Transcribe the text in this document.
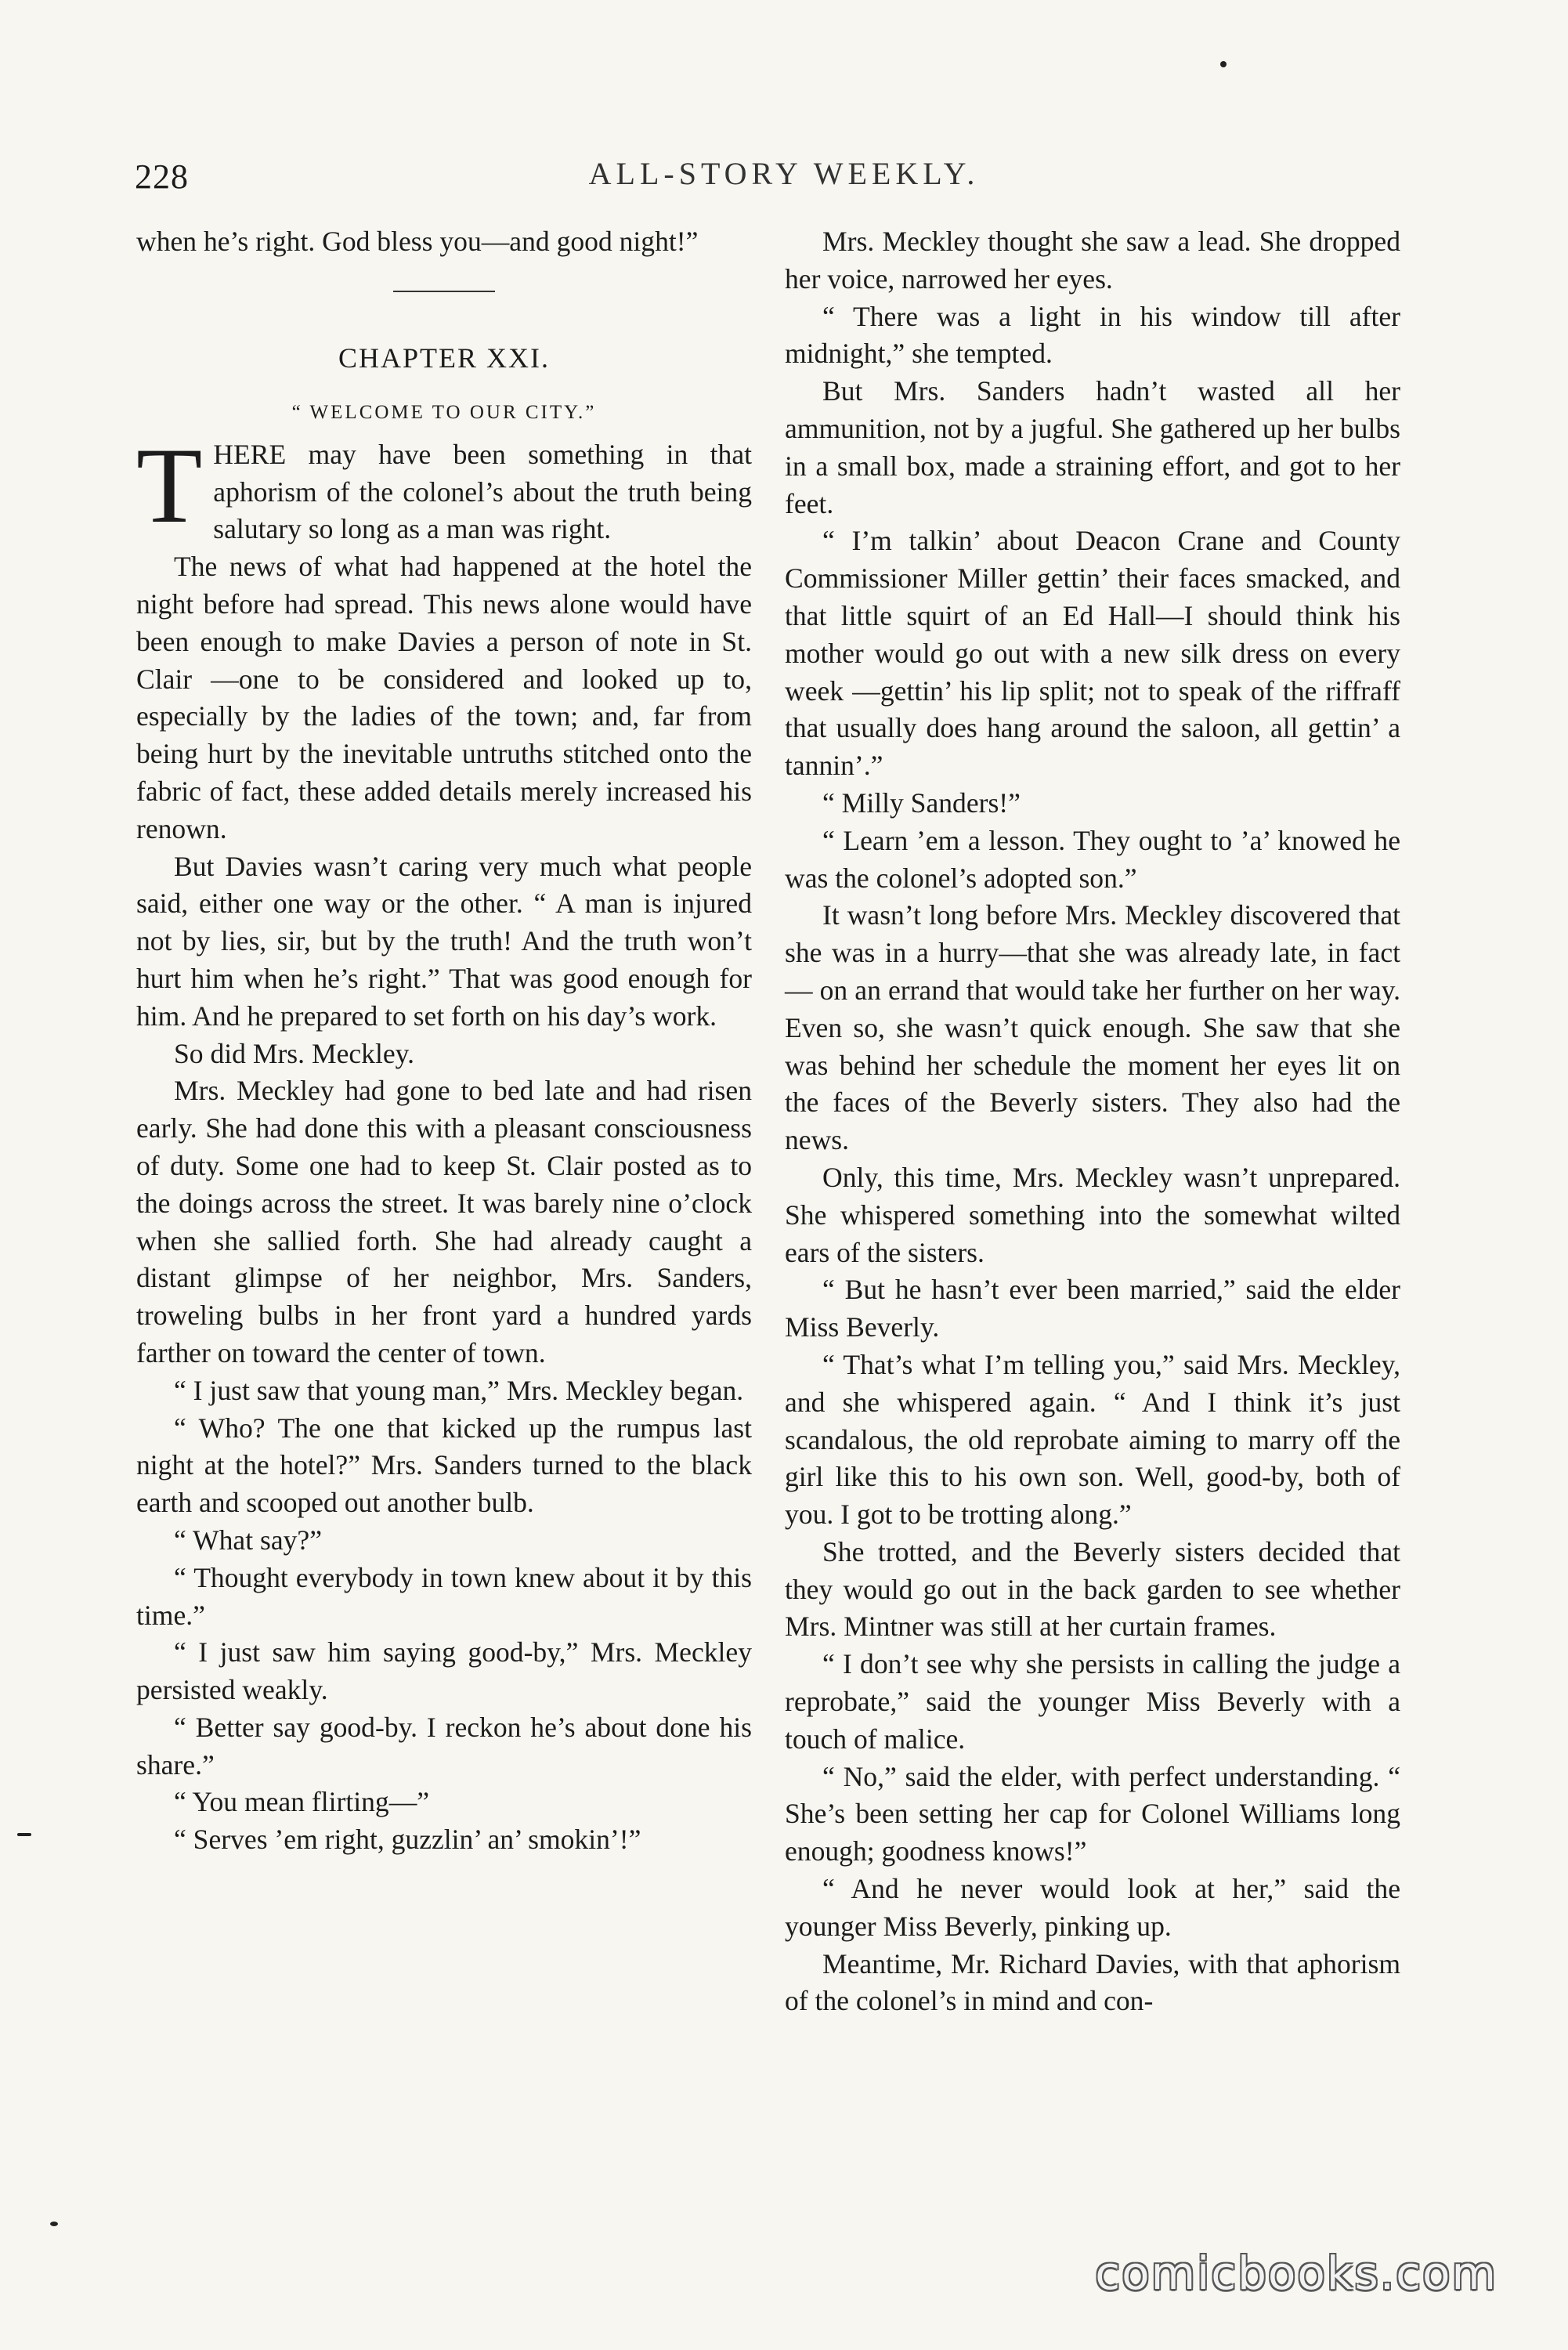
228	ALL-STORY WEEKLY.

when he’s right. God bless you—and good night!”

CHAPTER XXI.
“ WELCOME TO OUR CITY.”

THERE may have been something in that aphorism of the colonel’s about the truth being salutary so long as a man was right.

The news of what had happened at the hotel the night before had spread. This news alone would have been enough to make Davies a person of note in St. Clair —one to be considered and looked up to, especially by the ladies of the town; and, far from being hurt by the inevitable untruths stitched onto the fabric of fact, these added details merely increased his renown.

But Davies wasn’t caring very much what people said, either one way or the other. “ A man is injured not by lies, sir, but by the truth! And the truth won’t hurt him when he’s right.” That was good enough for him. And he prepared to set forth on his day’s work.

So did Mrs. Meckley.

Mrs. Meckley had gone to bed late and had risen early. She had done this with a pleasant consciousness of duty. Some one had to keep St. Clair posted as to the doings across the street. It was barely nine o’clock when she sallied forth. She had already caught a distant glimpse of her neighbor, Mrs. Sanders, troweling bulbs in her front yard a hundred yards farther on toward the center of town.

“ I just saw that young man,” Mrs. Meckley began.

“ Who? The one that kicked up the rumpus last night at the hotel?” Mrs. Sanders turned to the black earth and scooped out another bulb.

“ What say?”

“ Thought everybody in town knew about it by this time.”

“ I just saw him saying good-by,” Mrs. Meckley persisted weakly.

“ Better say good-by. I reckon he’s about done his share.”

“ You mean flirting—”

“ Serves ’em right, guzzlin’ an’ smokin’!”

Mrs. Meckley thought she saw a lead. She dropped her voice, narrowed her eyes.

“ There was a light in his window till after midnight,” she tempted.

But Mrs. Sanders hadn’t wasted all her ammunition, not by a jugful. She gathered up her bulbs in a small box, made a straining effort, and got to her feet.

“ I’m talkin’ about Deacon Crane and County Commissioner Miller gettin’ their faces smacked, and that little squirt of an Ed Hall—I should think his mother would go out with a new silk dress on every week —gettin’ his lip split; not to speak of the riffraff that usually does hang around the saloon, all gettin’ a tannin’.”

“ Milly Sanders!”

“ Learn ’em a lesson. They ought to ’a’ knowed he was the colonel’s adopted son.”

It wasn’t long before Mrs. Meckley discovered that she was in a hurry—that she was already late, in fact — on an errand that would take her further on her way. Even so, she wasn’t quick enough. She saw that she was behind her schedule the moment her eyes lit on the faces of the Beverly sisters. They also had the news.

Only, this time, Mrs. Meckley wasn’t unprepared. She whispered something into the somewhat wilted ears of the sisters.

“ But he hasn’t ever been married,” said the elder Miss Beverly.

“ That’s what I’m telling you,” said Mrs. Meckley, and she whispered again. “ And I think it’s just scandalous, the old reprobate aiming to marry off the girl like this to his own son. Well, good-by, both of you. I got to be trotting along.”

She trotted, and the Beverly sisters decided that they would go out in the back garden to see whether Mrs. Mintner was still at her curtain frames.

“ I don’t see why she persists in calling the judge a reprobate,” said the younger Miss Beverly with a touch of malice.

“ No,” said the elder, with perfect understanding. “ She’s been setting her cap for Colonel Williams long enough; goodness knows!”

“ And he never would look at her,” said the younger Miss Beverly, pinking up.

Meantime, Mr. Richard Davies, with that aphorism of the colonel’s in mind and con-

comicbooks.com
